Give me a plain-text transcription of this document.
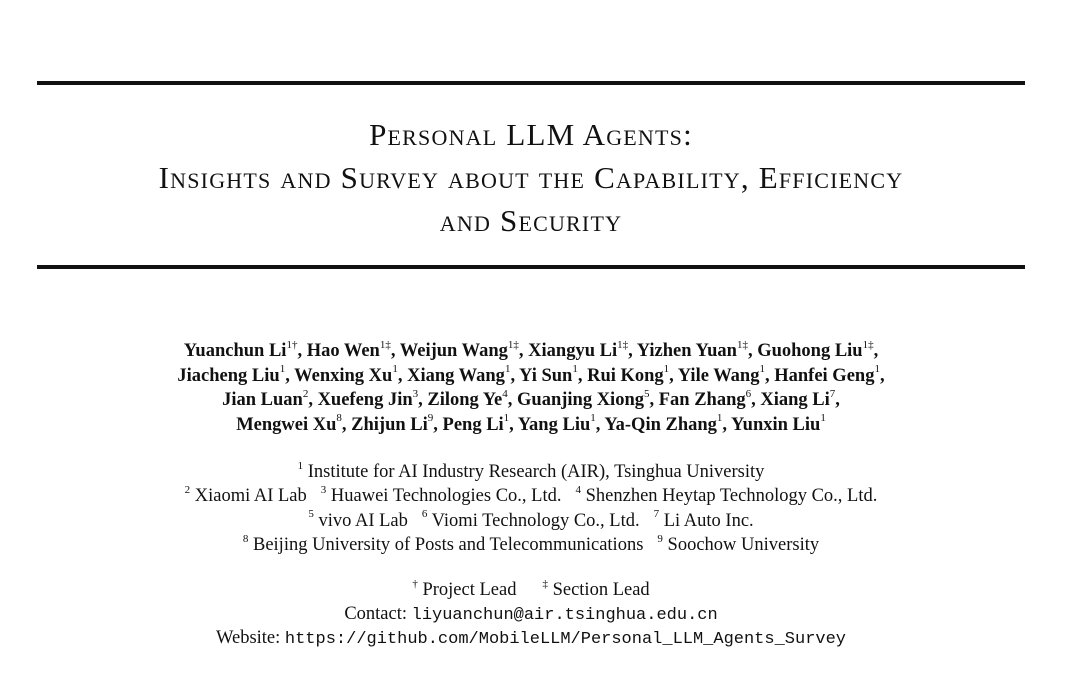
Personal LLM Agents:
Insights and Survey about the Capability, Efficiency
and Security
Yuanchun $Li^{1\dagger}$, Hao Wen$^{1\ddagger}$, Weijun Wang$^{1\ddagger}$, Xiangyu $Li^{1\ddagger}$, Yizhen Yuan$^{1\ddagger}$, Guohong Liu$^{1\ddagger}$,
Jiacheng Liu$^1$, Wenxing Xu$^1$, Xiang Wang$^1$, Yi Sun$^1$, Rui Kong$^1$, Yile Wang$^1$, Hanfei Geng$^1$,
Jian Luan$^2$, Xuefeng Jin$^3$, Zilong Ye$^4$, Guanjing Xiong$^5$, Fan Zhang$^6$, Xiang Li$^7$,
Mengwei Xu$^8$, Zhijun Li$^9$, Peng Li$^1$, Yang Liu$^1$, Ya-Qin Zhang$^1$, Yunxin Liu$^1$
$^1$ Institute for AI Industry Research (AIR), Tsinghua University
$^2$ Xiaomi AI Lab $^3$ Huawei Technologies Co., Ltd. $^4$ Shenzhen Heytap Technology Co., Ltd.
$^5$ vivo AI Lab $^6$ Viomi Technology Co., Ltd. $^7$ Li Auto Inc.
$^8$ Beijing University of Posts and Telecommunications $^9$ Soochow University
† Project Lead ‡ Section Lead
Contact: liyuanchun@air.tsinghua.edu.cn
Website: https://github.com/MobileLLM/Personal_LLM_Agents_Survey
